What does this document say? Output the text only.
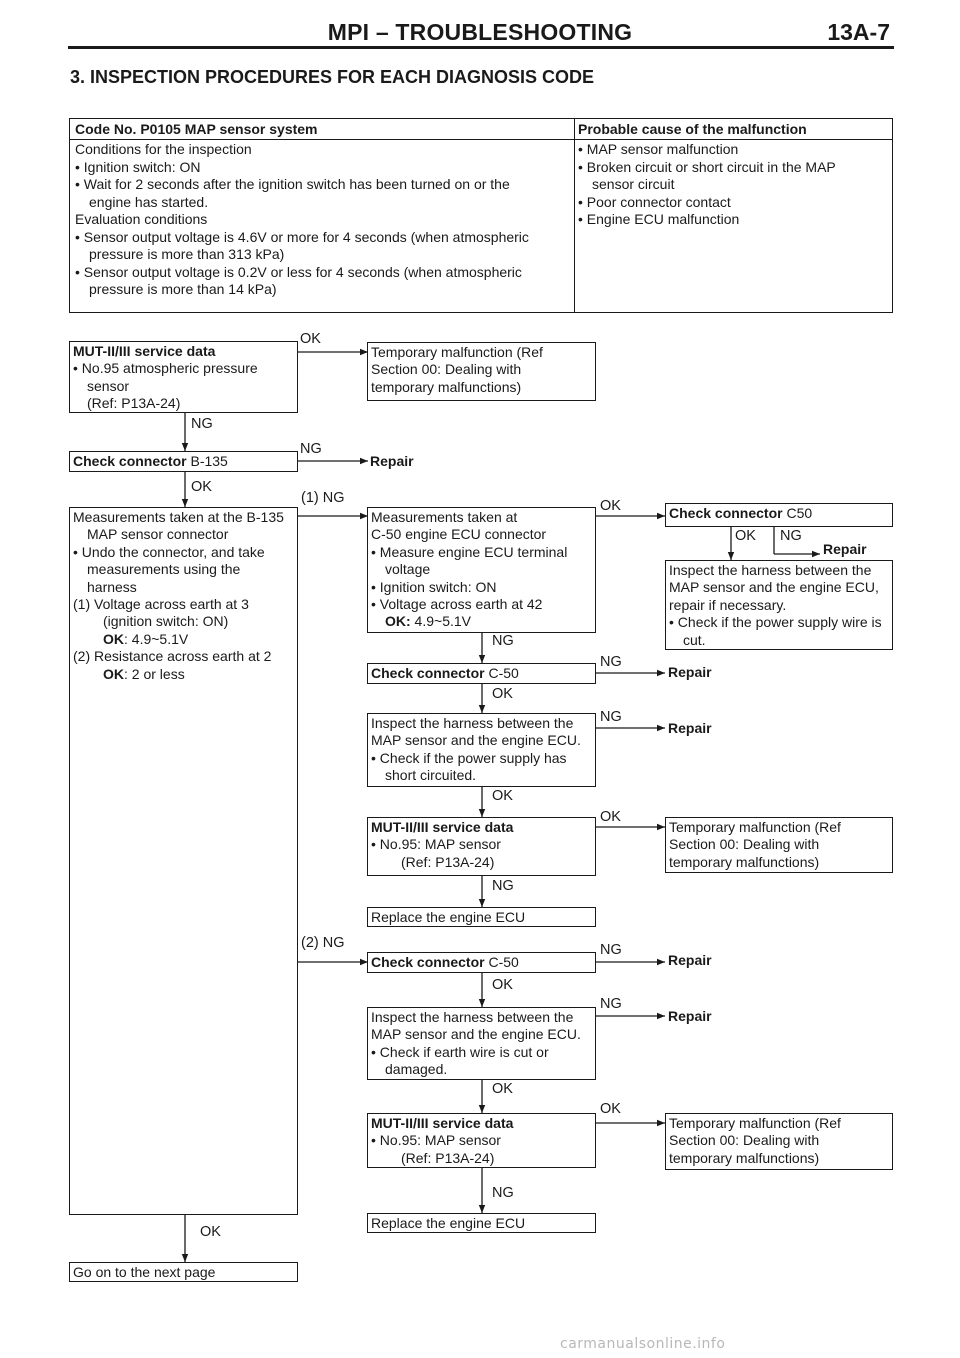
MPI – TROUBLESHOOTING	13A-7
3. INSPECTION PROCEDURES FOR EACH DIAGNOSIS CODE
Code No. P0105 MAP sensor system	Probable cause of the malfunction
Conditions for the inspection
• Ignition switch: ON
• Wait for 2 seconds after the ignition switch has been turned on or the
engine has started.
Evaluation conditions
• Sensor output voltage is 4.6V or more for 4 seconds (when atmospheric
pressure is more than 313 kPa)
• Sensor output voltage is 0.2V or less for 4 seconds (when atmospheric
pressure is more than 14 kPa)
• MAP sensor malfunction
• Broken circuit or short circuit in the MAP
sensor circuit
• Poor connector contact
• Engine ECU malfunction
OK
NG
NG
OK
(1) NG	OK
OK NG
NG
NG
OK
NG
OK
OK
NG
(2) NG	NG
OK
NG
OK
OK
NG
OK
MUT-II/III service data
• No.95 atmospheric pressure
sensor
(Ref: P13A-24)
Temporary malfunction (Ref
Section 00: Dealing with
temporary malfunctions)
Check connector B-135	Repair
Measurements taken at the B-135
MAP sensor connector
• Undo the connector, and take
measurements using the
harness
(1) Voltage across earth at 3
(ignition switch: ON)
OK: 4.9~5.1V
(2) Resistance across earth at 2
OK: 2 or less
Measurements taken at
C-50 engine ECU connector
• Measure engine ECU terminal
voltage
• Ignition switch: ON
• Voltage across earth at 42
OK: 4.9~5.1V
Check connector C50
Repair
Inspect the harness between the
MAP sensor and the engine ECU,
repair if necessary.
• Check if the power supply wire is
cut.
Check connector C-50	Repair
Inspect the harness between the
MAP sensor and the engine ECU.
• Check if the power supply has
short circuited.
Repair
MUT-II/III service data
• No.95: MAP sensor
(Ref: P13A-24)
Temporary malfunction (Ref
Section 00: Dealing with
temporary malfunctions)
Replace the engine ECU
Check connector C-50	Repair
Inspect the harness between the
MAP sensor and the engine ECU.
• Check if earth wire is cut or
damaged.
Repair
MUT-II/III service data
• No.95: MAP sensor
(Ref: P13A-24)
Temporary malfunction (Ref
Section 00: Dealing with
temporary malfunctions)
Replace the engine ECU
Go on to the next page
carmanualsonline.info
